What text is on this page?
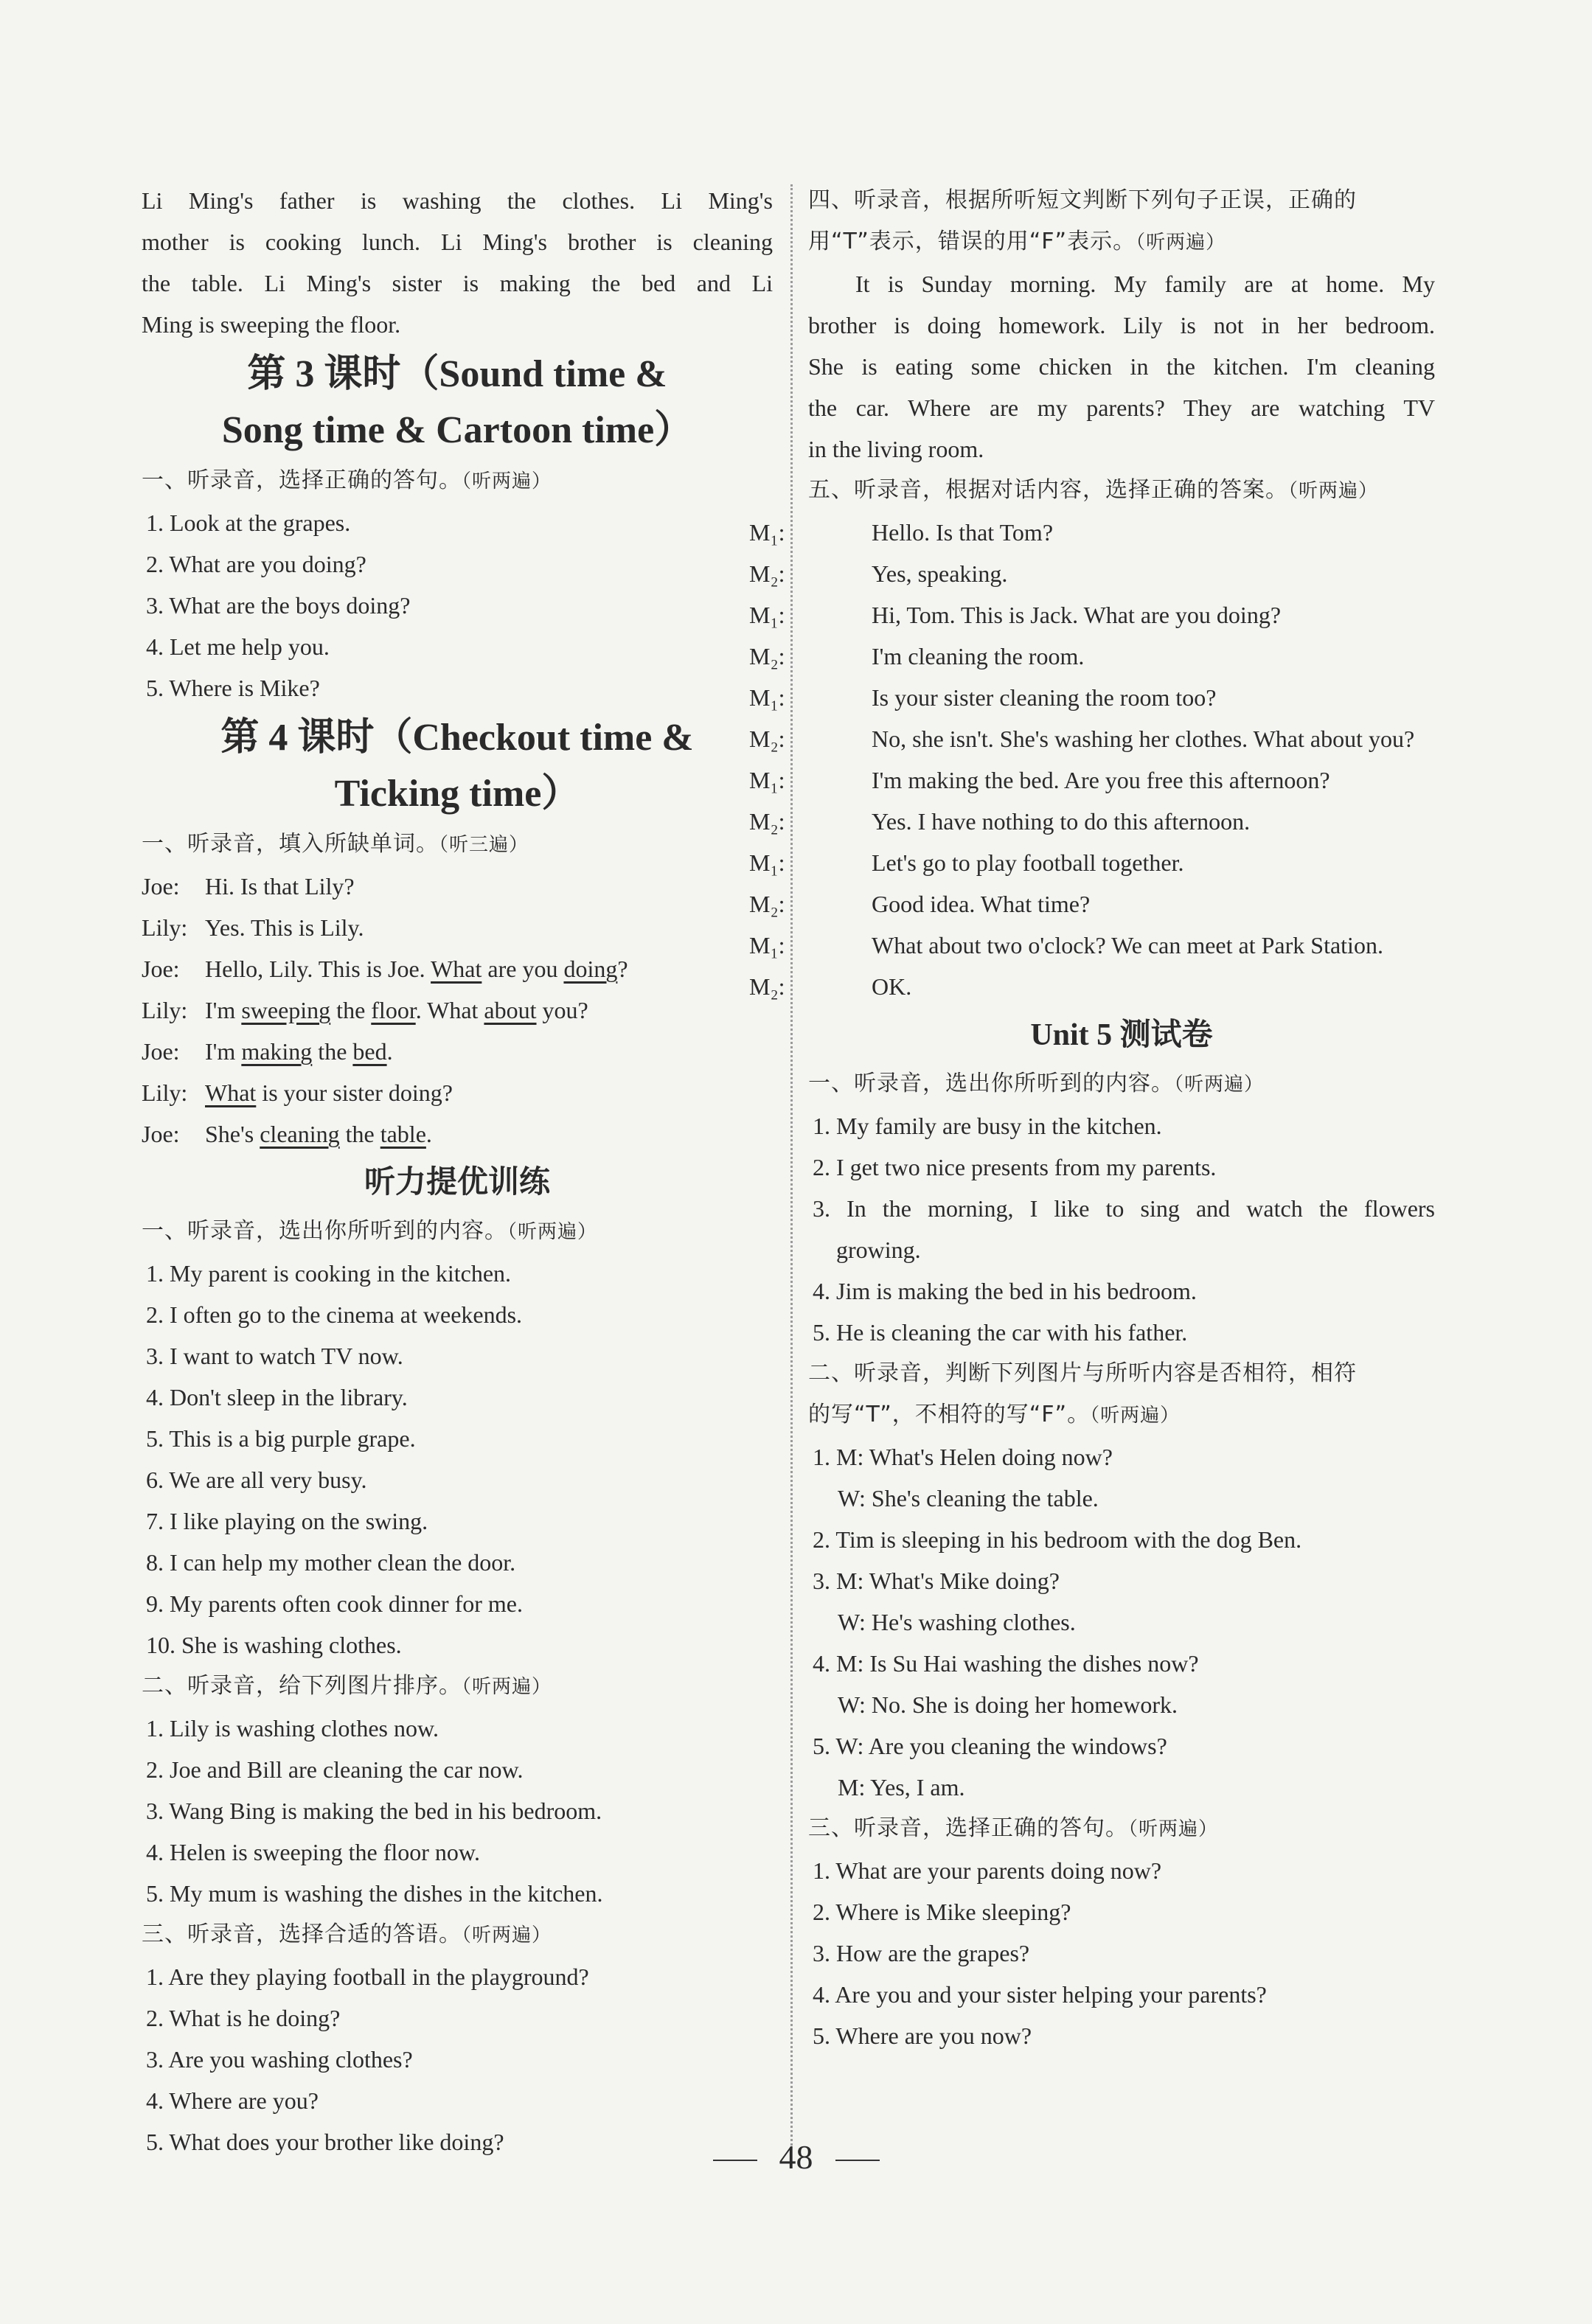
Li Ming's father is washing the clothes. Li Ming's

mother is cooking lunch. Li Ming's brother is cleaning

the table. Li Ming's sister is making the bed and Li

Ming is sweeping the floor.

第 3 课时（Sound time &

Song time & Cartoon time）

一、听录音，选择正确的答句。（听两遍）

1. Look at the grapes.

2. What are you doing?

3. What are the boys doing?

4. Let me help you.

5. Where is Mike?

第 4 课时（Checkout time &

Ticking time）

一、听录音，填入所缺单词。（听三遍）

Joe: Hi. Is that Lily?

Lily: Yes. This is Lily.

Joe: Hello, Lily. This is Joe. What are you doing?

Lily: I'm sweeping the floor. What about you?

Joe: I'm making the bed.

Lily: What is your sister doing?

Joe: She's cleaning the table.

听力提优训练

一、听录音，选出你所听到的内容。（听两遍）

1. My parent is cooking in the kitchen.

2. I often go to the cinema at weekends.

3. I want to watch TV now.

4. Don't sleep in the library.

5. This is a big purple grape.

6. We are all very busy.

7. I like playing on the swing.

8. I can help my mother clean the door.

9. My parents often cook dinner for me.

10. She is washing clothes.

二、听录音，给下列图片排序。（听两遍）

1. Lily is washing clothes now.

2. Joe and Bill are cleaning the car now.

3. Wang Bing is making the bed in his bedroom.

4. Helen is sweeping the floor now.

5. My mum is washing the dishes in the kitchen.

三、听录音，选择合适的答语。（听两遍）

1. Are they playing football in the playground?

2. What is he doing?

3. Are you washing clothes?

4. Where are you?

5. What does your brother like doing?

四、听录音，根据所听短文判断下列句子正误，正确的

用“T”表示，错误的用“F”表示。（听两遍）

It is Sunday morning. My family are at home. My

brother is doing homework. Lily is not in her bedroom.

She is eating some chicken in the kitchen. I'm cleaning

the car. Where are my parents? They are watching TV

in the living room.

五、听录音，根据对话内容，选择正确的答案。（听两遍）

M₁:	Hello. Is that Tom?

M₂:	Yes, speaking.

M₁:	Hi, Tom. This is Jack. What are you doing?

M₂:	I'm cleaning the room.

M₁:	Is your sister cleaning the room too?

M₂:	No, she isn't. She's washing her clothes. What about you?

M₁:	I'm making the bed. Are you free this afternoon?

M₂:	Yes. I have nothing to do this afternoon.

M₁:	Let's go to play football together.

M₂:	Good idea. What time?

M₁:	What about two o'clock? We can meet at Park Station.

M₂:	OK.

Unit 5 测试卷

一、听录音，选出你所听到的内容。（听两遍）

1. My family are busy in the kitchen.

2. I get two nice presents from my parents.

3. In the morning, I like to sing and watch the flowers

growing.

4. Jim is making the bed in his bedroom.

5. He is cleaning the car with his father.

二、听录音，判断下列图片与所听内容是否相符，相符

的写“T”，不相符的写“F”。（听两遍）

1. M: What's Helen doing now?

W: She's cleaning the table.

2. Tim is sleeping in his bedroom with the dog Ben.

3. M: What's Mike doing?

W: He's washing clothes.

4. M: Is Su Hai washing the dishes now?

W: No. She is doing her homework.

5. W: Are you cleaning the windows?

M: Yes, I am.

三、听录音，选择正确的答句。（听两遍）

1. What are your parents doing now?

2. Where is Mike sleeping?

3. How are the grapes?

4. Are you and your sister helping your parents?

5. Where are you now?

48
